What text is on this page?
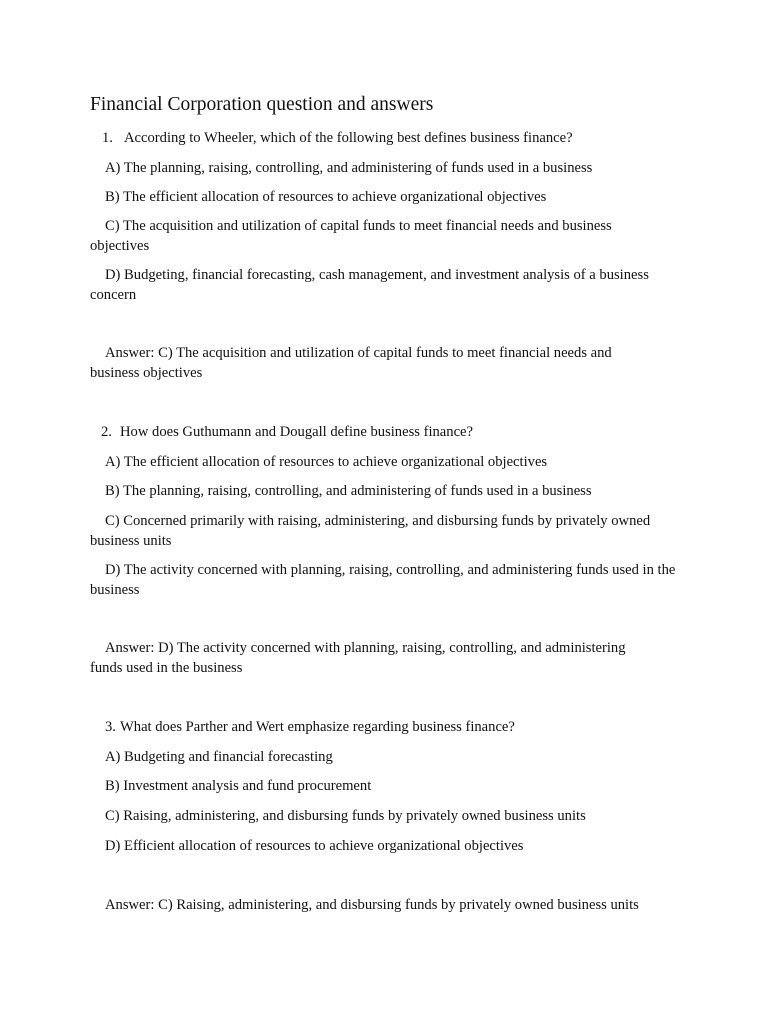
Financial Corporation question and answers
1. According to Wheeler, which of the following best defines business finance?
A) The planning, raising, controlling, and administering of funds used in a business
B) The efficient allocation of resources to achieve organizational objectives
C) The acquisition and utilization of capital funds to meet financial needs and business objectives
D) Budgeting, financial forecasting, cash management, and investment analysis of a business concern
Answer: C) The acquisition and utilization of capital funds to meet financial needs and business objectives
2. How does Guthumann and Dougall define business finance?
A) The efficient allocation of resources to achieve organizational objectives
B) The planning, raising, controlling, and administering of funds used in a business
C) Concerned primarily with raising, administering, and disbursing funds by privately owned business units
D) The activity concerned with planning, raising, controlling, and administering funds used in the business
Answer: D) The activity concerned with planning, raising, controlling, and administering funds used in the business
3. What does Parther and Wert emphasize regarding business finance?
A) Budgeting and financial forecasting
B) Investment analysis and fund procurement
C) Raising, administering, and disbursing funds by privately owned business units
D) Efficient allocation of resources to achieve organizational objectives
Answer: C) Raising, administering, and disbursing funds by privately owned business units
